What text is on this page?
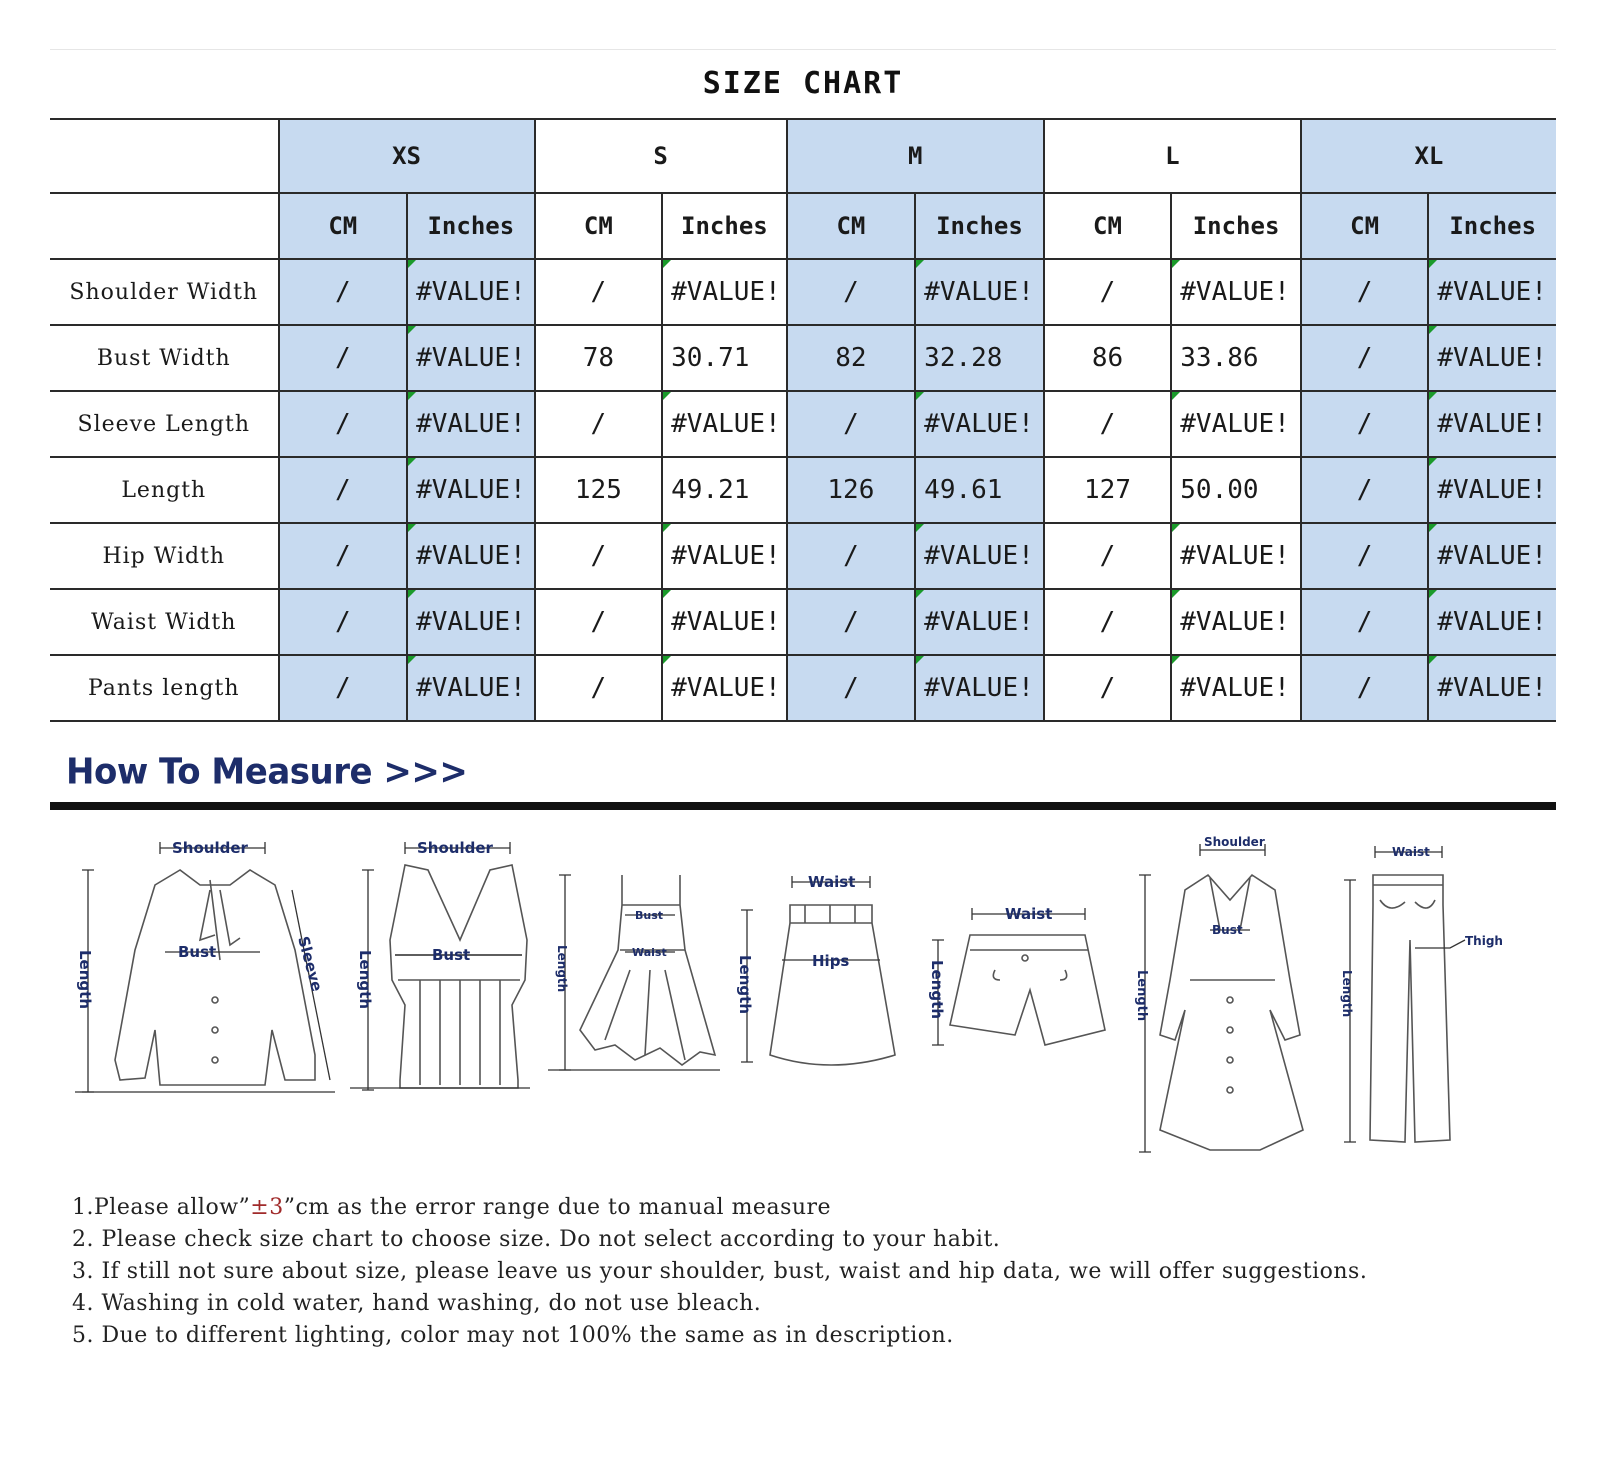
SIZE CHART
	XS		S		M		L		XL	
	CM	Inches	CM	Inches	CM	Inches	CM	Inches	CM	Inches
Shoulder Width	/	#VALUE!	/	#VALUE!	/	#VALUE!	/	#VALUE!	/	#VALUE!
Bust Width	/	#VALUE!	78	30.71	82	32.28	86	33.86	/	#VALUE!
Sleeve Length	/	#VALUE!	/	#VALUE!	/	#VALUE!	/	#VALUE!	/	#VALUE!
Length	/	#VALUE!	125	49.21	126	49.61	127	50.00	/	#VALUE!
Hip Width	/	#VALUE!	/	#VALUE!	/	#VALUE!	/	#VALUE!	/	#VALUE!
Waist Width	/	#VALUE!	/	#VALUE!	/	#VALUE!	/	#VALUE!	/	#VALUE!
Pants length	/	#VALUE!	/	#VALUE!	/	#VALUE!	/	#VALUE!	/	#VALUE!
How To Measure >>>
Shoulder
Bust
Length	Sleeve
Shoulder
Bust
Length
Bust
Waist
Length
Waist
Hips
Length
Waist
Length
Shoulder
Bust
Length
Waist
Thigh
Length
1.Please allow”±3”cm as the error range due to manual measure
2. Please check size chart to choose size. Do not select according to your habit.
3. If still not sure about size, please leave us your shoulder, bust, waist and hip data, we will offer suggestions.
4. Washing in cold water, hand washing, do not use bleach.
5. Due to different lighting, color may not 100% the same as in description.
